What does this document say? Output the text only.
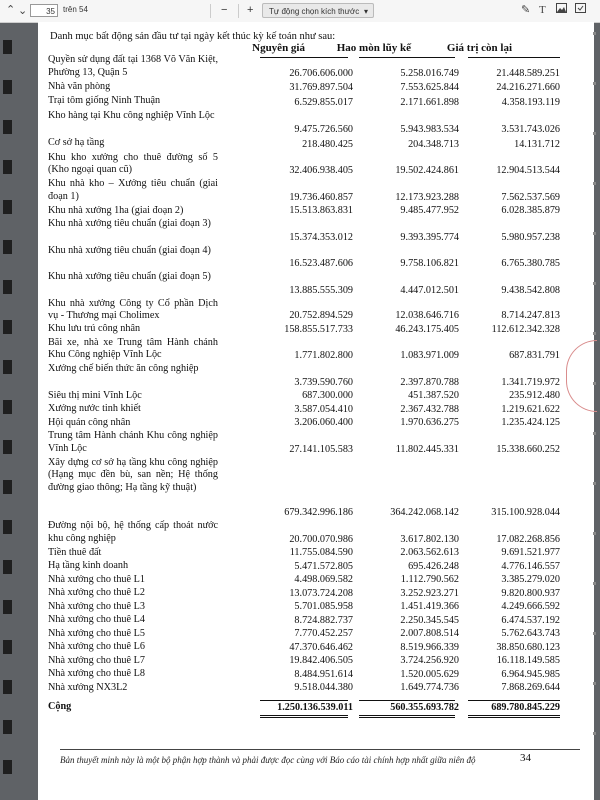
⌃ ⌄	35	trên 54	− +	Tự động chọn kích thước ▾	✎ T
Danh mục bất động sản đầu tư tại ngày kết thúc kỳ kế toán như sau:
Nguyên giá	Hao mòn lũy kế	Giá trị còn lại
Quyền sử dụng đất tại 1368 Võ Văn Kiệt, Phường 13, Quận 5	26.706.606.000	5.258.016.749	21.448.589.251
Nhà văn phòng	31.769.897.504	7.553.625.844	24.216.271.660
Trại tôm giống Ninh Thuận	6.529.855.017	2.171.661.898	4.358.193.119
Kho hàng tại Khu công nghiệp Vĩnh Lộc
9.475.726.560	5.943.983.534	3.531.743.026
Cơ sở hạ tầng	218.480.425	204.348.713	14.131.712
Khu kho xưởng cho thuê đường số 5 (Kho ngoại quan cũ)	32.406.938.405	19.502.424.861	12.904.513.544
Khu nhà kho – Xưởng tiêu chuẩn (giai đoạn 1)	19.736.460.857	12.173.923.288	7.562.537.569
Khu nhà xưởng 1ha (giai đoạn 2)	15.513.863.831	9.485.477.952	6.028.385.879
Khu nhà xưởng tiêu chuẩn (giai đoạn 3)
15.374.353.012	9.393.395.774	5.980.957.238
Khu nhà xưởng tiêu chuẩn (giai đoạn 4)
16.523.487.606	9.758.106.821	6.765.380.785
Khu nhà xưởng tiêu chuẩn (giai đoạn 5)
13.885.555.309	4.447.012.501	9.438.542.808
Khu nhà xưởng Công ty Cổ phần Dịch vụ - Thương mại Cholimex	20.752.894.529	12.038.646.716	8.714.247.813
Khu lưu trú công nhân	158.855.517.733	46.243.175.405	112.612.342.328
Bãi xe, nhà xe Trung tâm Hành chánh Khu Công nghiệp Vĩnh Lộc	1.771.802.800	1.083.971.009	687.831.791
Xưởng chế biến thức ăn công nghiệp
3.739.590.760	2.397.870.788	1.341.719.972
Siêu thị mini Vĩnh Lộc	687.300.000	451.387.520	235.912.480
Xưởng nước tinh khiết	3.587.054.410	2.367.432.788	1.219.621.622
Hội quán công nhân	3.206.060.400	1.970.636.275	1.235.424.125
Trung tâm Hành chánh Khu công nghiệp Vĩnh Lộc	27.141.105.583	11.802.445.331	15.338.660.252
Xây dựng cơ sở hạ tầng khu công nghiệp (Hạng mục đền bù, san nền; Hệ thống đường giao thông; Hạ tầng kỹ thuật)
679.342.996.186	364.242.068.142	315.100.928.044
Đường nội bộ, hệ thống cấp thoát nước khu công nghiệp	20.700.070.986	3.617.802.130	17.082.268.856
Tiền thuê đất	11.755.084.590	2.063.562.613	9.691.521.977
Hạ tầng kinh doanh	5.471.572.805	695.426.248	4.776.146.557
Nhà xưởng cho thuê L1	4.498.069.582	1.112.790.562	3.385.279.020
Nhà xưởng cho thuê L2	13.073.724.208	3.252.923.271	9.820.800.937
Nhà xưởng cho thuê L3	5.701.085.958	1.451.419.366	4.249.666.592
Nhà xưởng cho thuê L4	8.724.882.737	2.250.345.545	6.474.537.192
Nhà xưởng cho thuê L5	7.770.452.257	2.007.808.514	5.762.643.743
Nhà xưởng cho thuê L6	47.370.646.462	8.519.966.339	38.850.680.123
Nhà xưởng cho thuê L7	19.842.406.505	3.724.256.920	16.118.149.585
Nhà xưởng cho thuê L8	8.484.951.614	1.520.005.629	6.964.945.985
Nhà xưởng NX3L2	9.518.044.380	1.649.774.736	7.868.269.644
Cộng	1.250.136.539.011	560.355.693.782	689.780.845.229
Bản thuyết minh này là một bộ phận hợp thành và phải được đọc cùng với Báo cáo tài chính hợp nhất giữa niên độ	34
